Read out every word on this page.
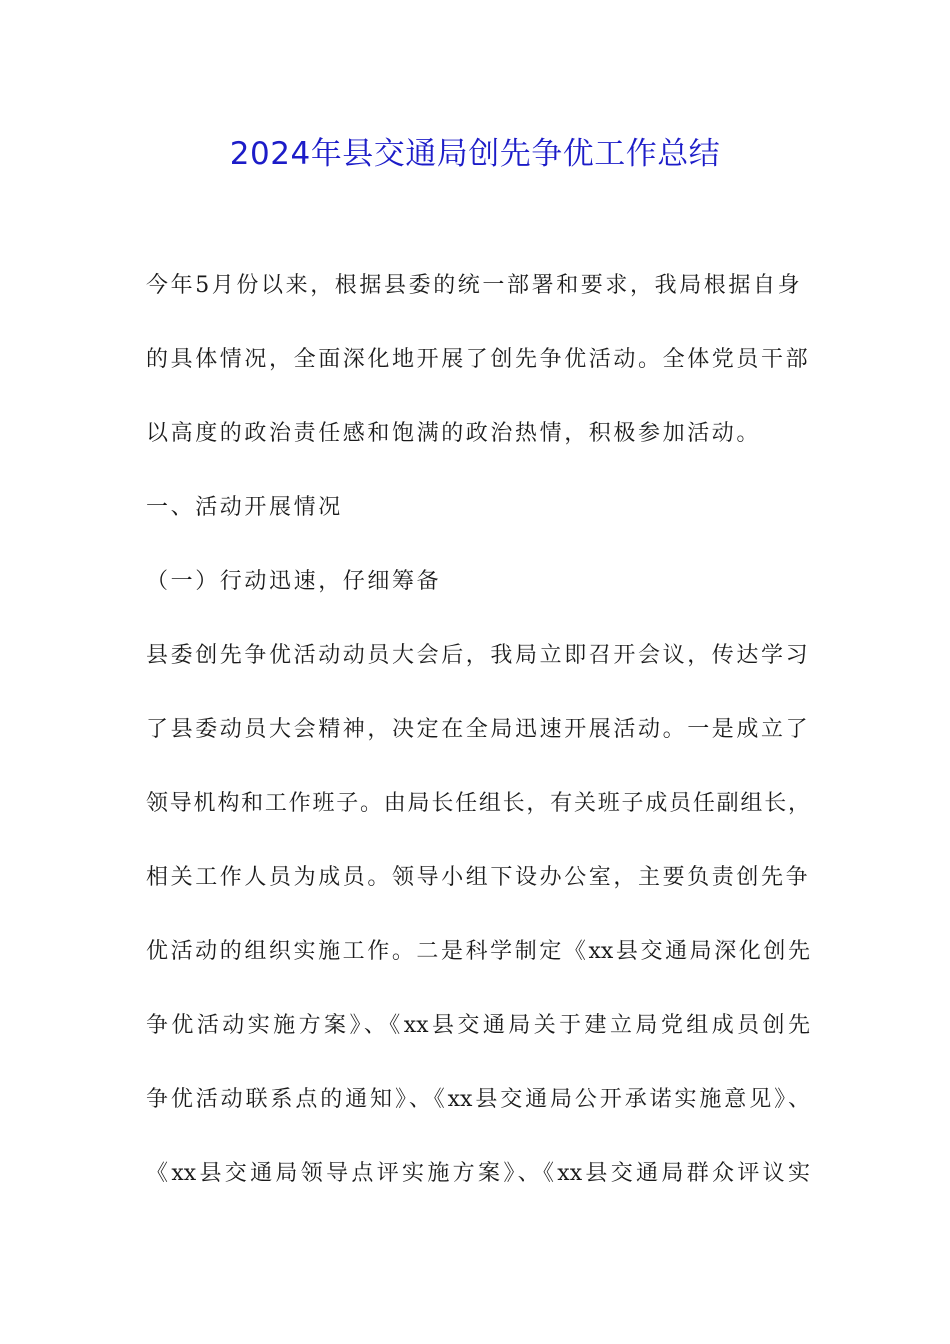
2024年县交通局创先争优工作总结
今年5月份以来，根据县委的统一部署和要求，我局根据自身
的具体情况，全面深化地开展了创先争优活动。全体党员干部
以高度的政治责任感和饱满的政治热情，积极参加活动。
一、活动开展情况
（一）行动迅速，仔细筹备
县委创先争优活动动员大会后，我局立即召开会议，传达学习
了县委动员大会精神，决定在全局迅速开展活动。一是成立了
领导机构和工作班子。由局长任组长，有关班子成员任副组长，
相关工作人员为成员。领导小组下设办公室，主要负责创先争
优活动的组织实施工作。二是科学制定《xx县交通局深化创先
争优活动实施方案》、《xx县交通局关于建立局党组成员创先
争优活动联系点的通知》、《xx县交通局公开承诺实施意见》、
《xx县交通局领导点评实施方案》、《xx县交通局群众评议实
